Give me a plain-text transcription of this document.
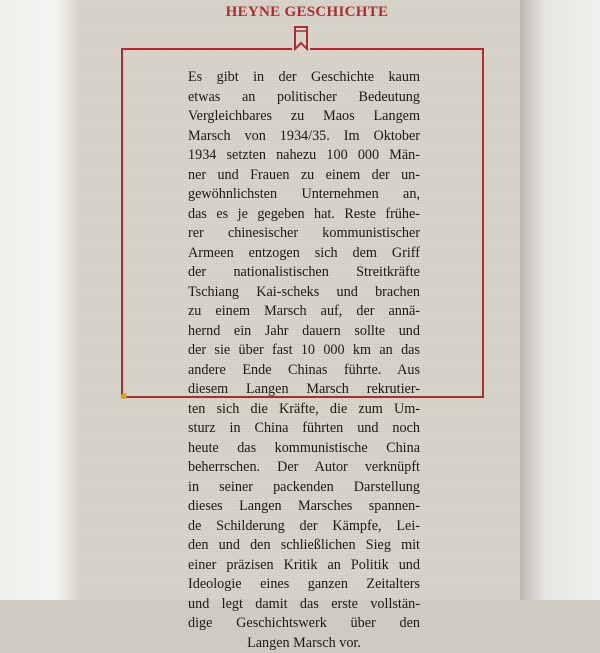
HEYNE GESCHICHTE
Es gibt in der Geschichte kaum
etwas an politischer Bedeutung
Vergleichbares zu Maos Langem
Marsch von 1934/35. Im Oktober
1934 setzten nahezu 100 000 Män-
ner und Frauen zu einem der un-
gewöhnlichsten Unternehmen an,
das es je gegeben hat. Reste frühe-
rer chinesischer kommunistischer
Armeen entzogen sich dem Griff
der nationalistischen Streitkräfte
Tschiang Kai-scheks und brachen
zu einem Marsch auf, der annä-
hernd ein Jahr dauern sollte und
der sie über fast 10 000 km an das
andere Ende Chinas führte. Aus
diesem Langen Marsch rekrutier-
ten sich die Kräfte, die zum Um-
sturz in China führten und noch
heute das kommunistische China
beherrschen. Der Autor verknüpft
in seiner packenden Darstellung
dieses Langen Marsches spannen-
de Schilderung der Kämpfe, Lei-
den und den schließlichen Sieg mit
einer präzisen Kritik an Politik und
Ideologie eines ganzen Zeitalters
und legt damit das erste vollstän-
dige Geschichtswerk über den
Langen Marsch vor.
